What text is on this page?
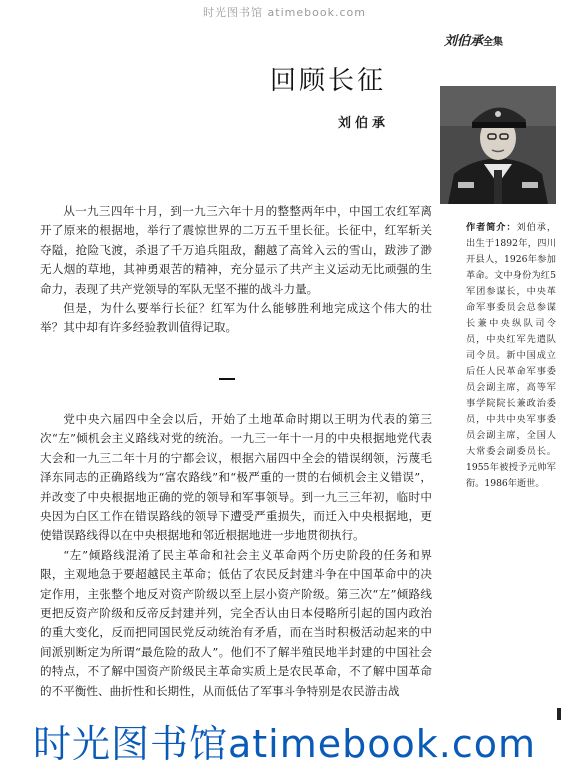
时光图书馆 atimebook.com
刘伯承全集
回顾长征
刘伯承
作者简介：刘伯承，出生于1892年，四川开县人，1926年参加革命。文中身份为红5军团参谋长，中央革命军事委员会总参谋长兼中央纵队司令员，中央红军先遣队司令员。新中国成立后任人民革命军事委员会副主席，高等军事学院院长兼政治委员，中共中央军事委员会副主席，全国人大常委会副委员长。1955年被授予元帅军衔。1986年逝世。

从一九三四年十月，到一九三六年十月的整整两年中，中国工农红军离开了原来的根据地，举行了震惊世界的二万五千里长征。长征中，红军斩关夺隘，抢险飞渡，杀退了千万追兵阻敌，翻越了高耸入云的雪山，跋涉了渺无人烟的草地，其神勇艰苦的精神，充分显示了共产主义运动无比顽强的生命力，表现了共产党领导的军队无坚不摧的战斗力量。

但是，为什么要举行长征？红军为什么能够胜利地完成这个伟大的壮举？其中却有许多经验教训值得记取。

党中央六届四中全会以后，开始了土地革命时期以王明为代表的第三次“左”倾机会主义路线对党的统治。一九三一年十一月的中央根据地党代表大会和一九三二年十月的宁都会议，根据六届四中全会的错误纲领，污蔑毛泽东同志的正确路线为“富农路线”和“极严重的一贯的右倾机会主义错误”，并改变了中央根据地正确的党的领导和军事领导。到一九三三年初，临时中央因为白区工作在错误路线的领导下遭受严重损失，而迁入中央根据地，更使错误路线得以在中央根据地和邻近根据地进一步地贯彻执行。

“左”倾路线混淆了民主革命和社会主义革命两个历史阶段的任务和界限，主观地急于要超越民主革命；低估了农民反封建斗争在中国革命中的决定作用，主张整个地反对资产阶级以至上层小资产阶级。第三次“左”倾路线更把反资产阶级和反帝反封建并列，完全否认由日本侵略所引起的国内政治的重大变化，反而把同国民党反动统治有矛盾，而在当时积极活动起来的中间派别断定为所谓“最危险的敌人”。他们不了解半殖民地半封建的中国社会的特点，不了解中国资产阶级民主革命实质上是农民革命，不了解中国革命的不平衡性、曲折性和长期性，从而低估了军事斗争特别是农民游击战

时光图书馆atimebook.com
